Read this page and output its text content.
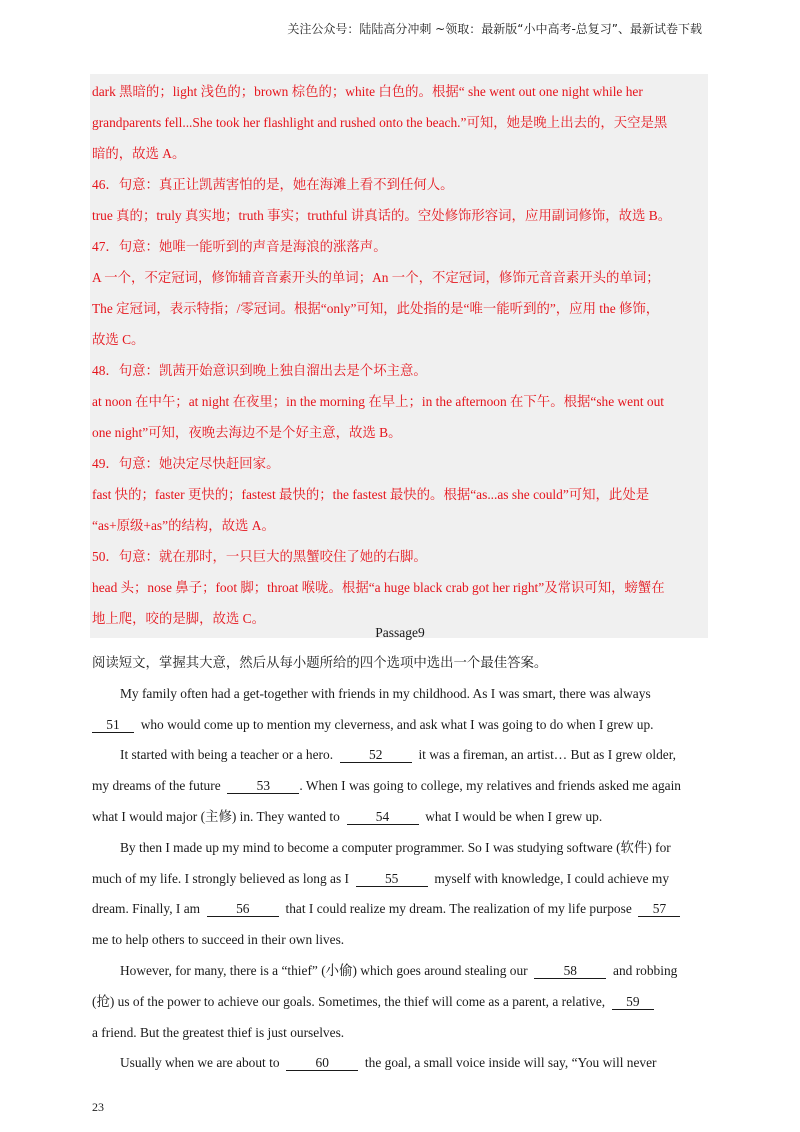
关注公众号：陆陆高分冲刺 ~领取：最新版“小中高考-总复习”、最新试卷下载
dark 黑暗的；light 浅色的；brown 棕色的；white 白色的。根据“ she went out one night while her
grandparents fell...She took her flashlight and rushed onto the beach.”可知，她是晚上出去的，天空是黑
暗的，故选 A。
46．句意：真正让凯茜害怕的是，她在海滩上看不到任何人。
true 真的；truly 真实地；truth 事实；truthful 讲真话的。空处修饰形容词，应用副词修饰，故选 B。
47．句意：她唯一能听到的声音是海浪的涨落声。
A 一个，不定冠词，修饰辅音音素开头的单词；An 一个，不定冠词，修饰元音音素开头的单词；
The 定冠词，表示特指；/零冠词。根据“only”可知，此处指的是“唯一能听到的”，应用 the 修饰，
故选 C。
48．句意：凯茜开始意识到晚上独自溜出去是个坏主意。
at noon 在中午；at night 在夜里；in the morning 在早上；in the afternoon 在下午。根据“she went out
one night”可知，夜晚去海边不是个好主意，故选 B。
49．句意：她决定尽快赶回家。
fast 快的；faster 更快的；fastest 最快的；the fastest 最快的。根据“as...as she could”可知，此处是
“as+原级+as”的结构，故选 A。
50．句意：就在那时，一只巨大的黑蟹咬住了她的右脚。
head 头；nose 鼻子；foot 脚；throat 喉咙。根据“a huge black crab got her right”及常识可知，螃蟹在
地上爬，咬的是脚，故选 C。
Passage9
阅读短文，掌握其大意，然后从每小题所给的四个选项中选出一个最佳答案。
My family often had a get-together with friends in my childhood. As I was smart, there was always
51  who would come up to mention my cleverness, and ask what I was going to do when I grew up.
It started with being a teacher or a hero.  52  it was a fireman, an artist… But as I grew older,
my dreams of the future  53 . When I was going to college, my relatives and friends asked me again
what I would major (主修) in. They wanted to  54  what I would be when I grew up.
By then I made up my mind to become a computer programmer. So I was studying software (软件) for
much of my life. I strongly believed as long as I  55  myself with knowledge, I could achieve my
dream. Finally, I am  56  that I could realize my dream. The realization of my life purpose  57
me to help others to succeed in their own lives.
However, for many, there is a “thief” (小偷) which goes around stealing our  58  and robbing
(抢) us of the power to achieve our goals. Sometimes, the thief will come as a parent, a relative,  59
a friend. But the greatest thief is just ourselves.
Usually when we are about to  60  the goal, a small voice inside will say, “You will never
23
